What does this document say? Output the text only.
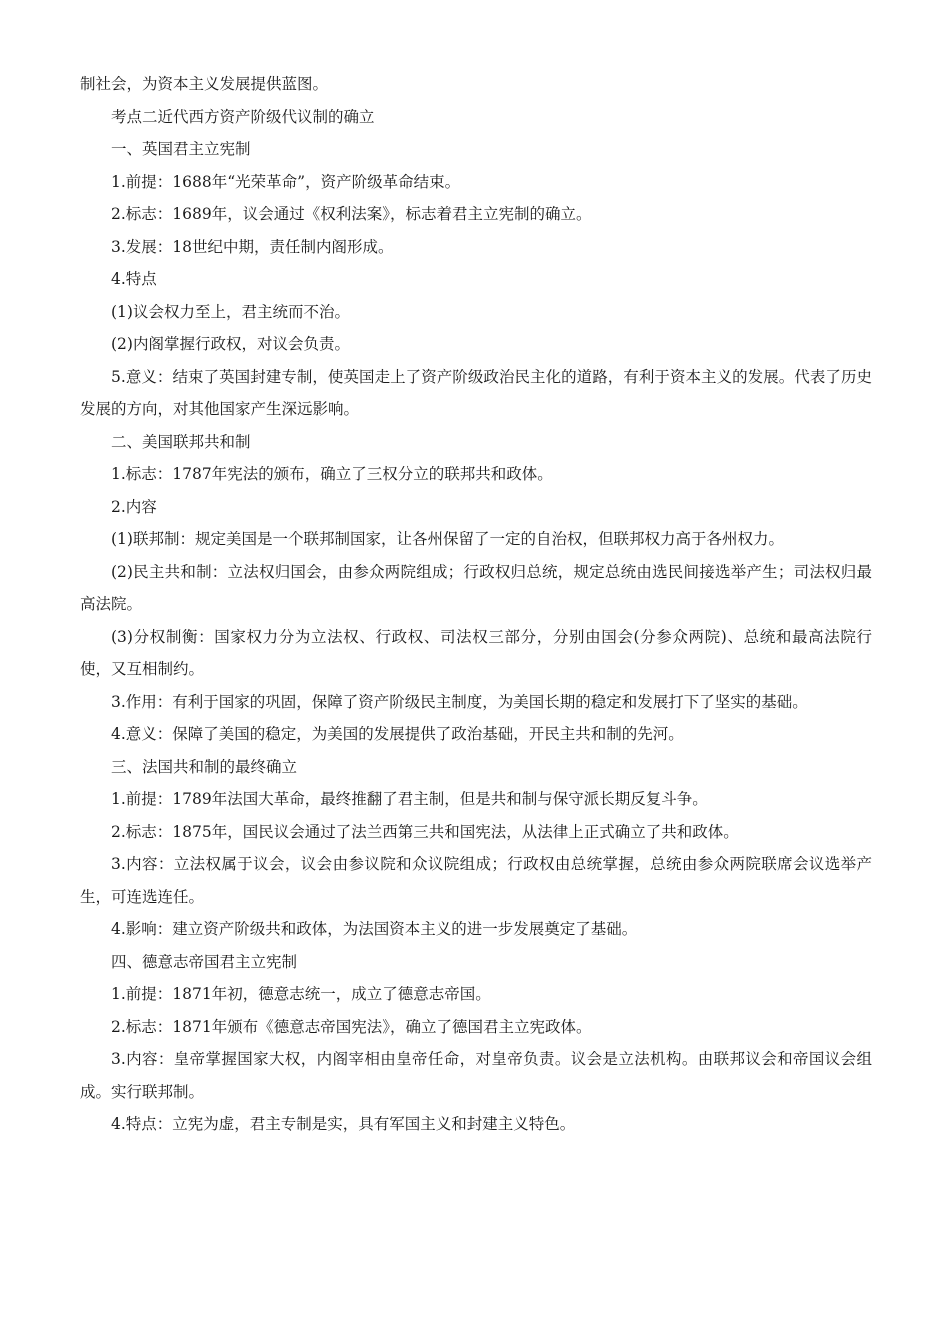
制社会，为资本主义发展提供蓝图。

考点二近代西方资产阶级代议制的确立

一、英国君主立宪制

1.前提：1688年“光荣革命”，资产阶级革命结束。

2.标志：1689年，议会通过《权利法案》，标志着君主立宪制的确立。

3.发展：18世纪中期，责任制内阁形成。

4.特点

(1)议会权力至上，君主统而不治。

(2)内阁掌握行政权，对议会负责。

5.意义：结束了英国封建专制，使英国走上了资产阶级政治民主化的道路，有利于资本主义的发展。代表了历史发展的方向，对其他国家产生深远影响。

二、美国联邦共和制

1.标志：1787年宪法的颁布，确立了三权分立的联邦共和政体。

2.内容

(1)联邦制：规定美国是一个联邦制国家，让各州保留了一定的自治权，但联邦权力高于各州权力。

(2)民主共和制：立法权归国会，由参众两院组成；行政权归总统，规定总统由选民间接选举产生；司法权归最高法院。

(3)分权制衡：国家权力分为立法权、行政权、司法权三部分，分别由国会(分参众两院)、总统和最高法院行使，又互相制约。

3.作用：有利于国家的巩固，保障了资产阶级民主制度，为美国长期的稳定和发展打下了坚实的基础。

4.意义：保障了美国的稳定，为美国的发展提供了政治基础，开民主共和制的先河。

三、法国共和制的最终确立

1.前提：1789年法国大革命，最终推翻了君主制，但是共和制与保守派长期反复斗争。

2.标志：1875年，国民议会通过了法兰西第三共和国宪法，从法律上正式确立了共和政体。

3.内容：立法权属于议会，议会由参议院和众议院组成；行政权由总统掌握，总统由参众两院联席会议选举产生，可连选连任。

4.影响：建立资产阶级共和政体，为法国资本主义的进一步发展奠定了基础。

四、德意志帝国君主立宪制

1.前提：1871年初，德意志统一，成立了德意志帝国。

2.标志：1871年颁布《德意志帝国宪法》，确立了德国君主立宪政体。

3.内容：皇帝掌握国家大权，内阁宰相由皇帝任命，对皇帝负责。议会是立法机构。由联邦议会和帝国议会组成。实行联邦制。

4.特点：立宪为虚，君主专制是实，具有军国主义和封建主义特色。
